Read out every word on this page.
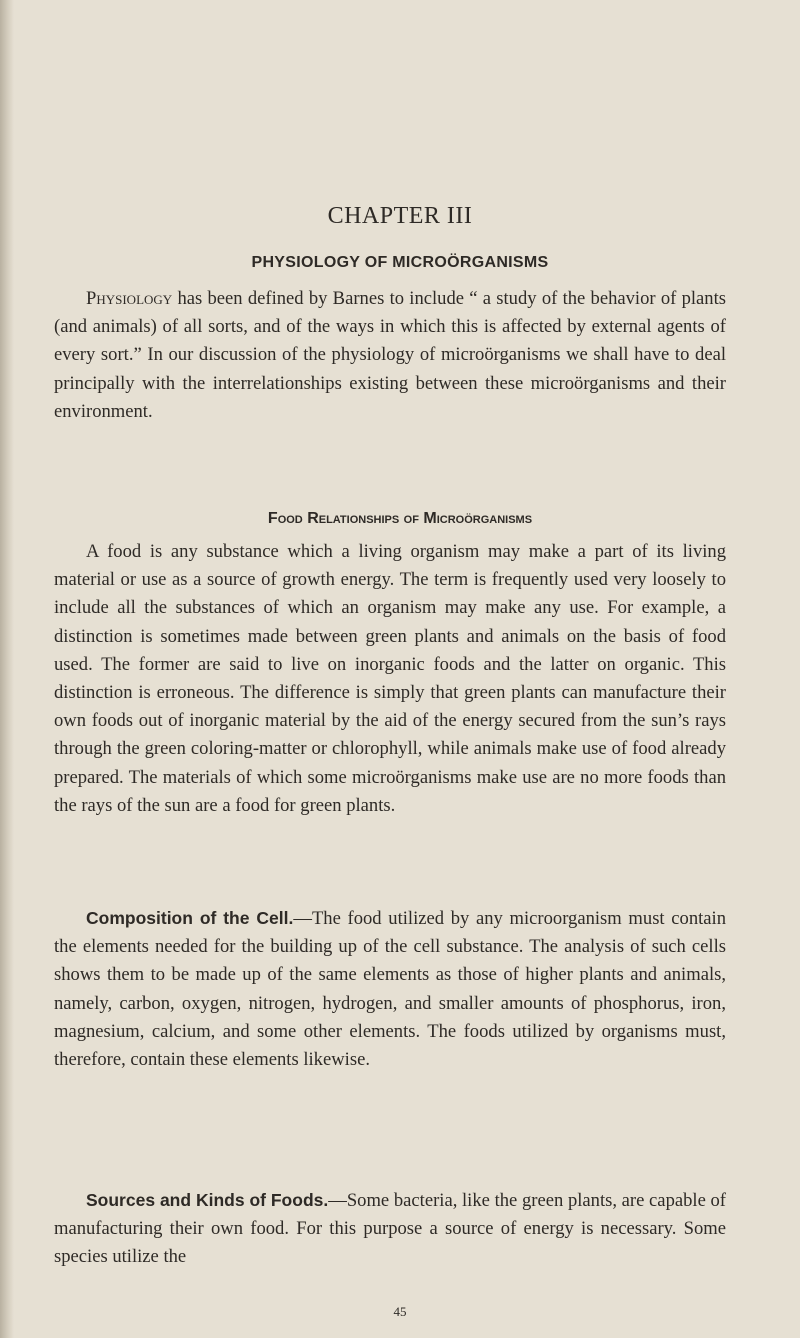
CHAPTER III
PHYSIOLOGY OF MICROÖRGANISMS
Physiology has been defined by Barnes to include “ a study of the behavior of plants (and animals) of all sorts, and of the ways in which this is affected by external agents of every sort.” In our discussion of the physiology of microörganisms we shall have to deal principally with the interrelationships existing between these microörganisms and their environment.
Food Relationships of Microörganisms
A food is any substance which a living organism may make a part of its living material or use as a source of growth energy. The term is frequently used very loosely to include all the substances of which an organism may make any use. For example, a distinction is sometimes made between green plants and animals on the basis of food used. The former are said to live on inorganic foods and the latter on organic. This distinction is erroneous. The difference is simply that green plants can manufacture their own foods out of inorganic material by the aid of the energy secured from the sun’s rays through the green coloring-matter or chlorophyll, while animals make use of food already prepared. The materials of which some microörganisms make use are no more foods than the rays of the sun are a food for green plants.
Composition of the Cell.—The food utilized by any microorganism must contain the elements needed for the building up of the cell substance. The analysis of such cells shows them to be made up of the same elements as those of higher plants and animals, namely, carbon, oxygen, nitrogen, hydrogen, and smaller amounts of phosphorus, iron, magnesium, calcium, and some other elements. The foods utilized by organisms must, therefore, contain these elements likewise.
Sources and Kinds of Foods.—Some bacteria, like the green plants, are capable of manufacturing their own food. For this purpose a source of energy is necessary. Some species utilize the
45
